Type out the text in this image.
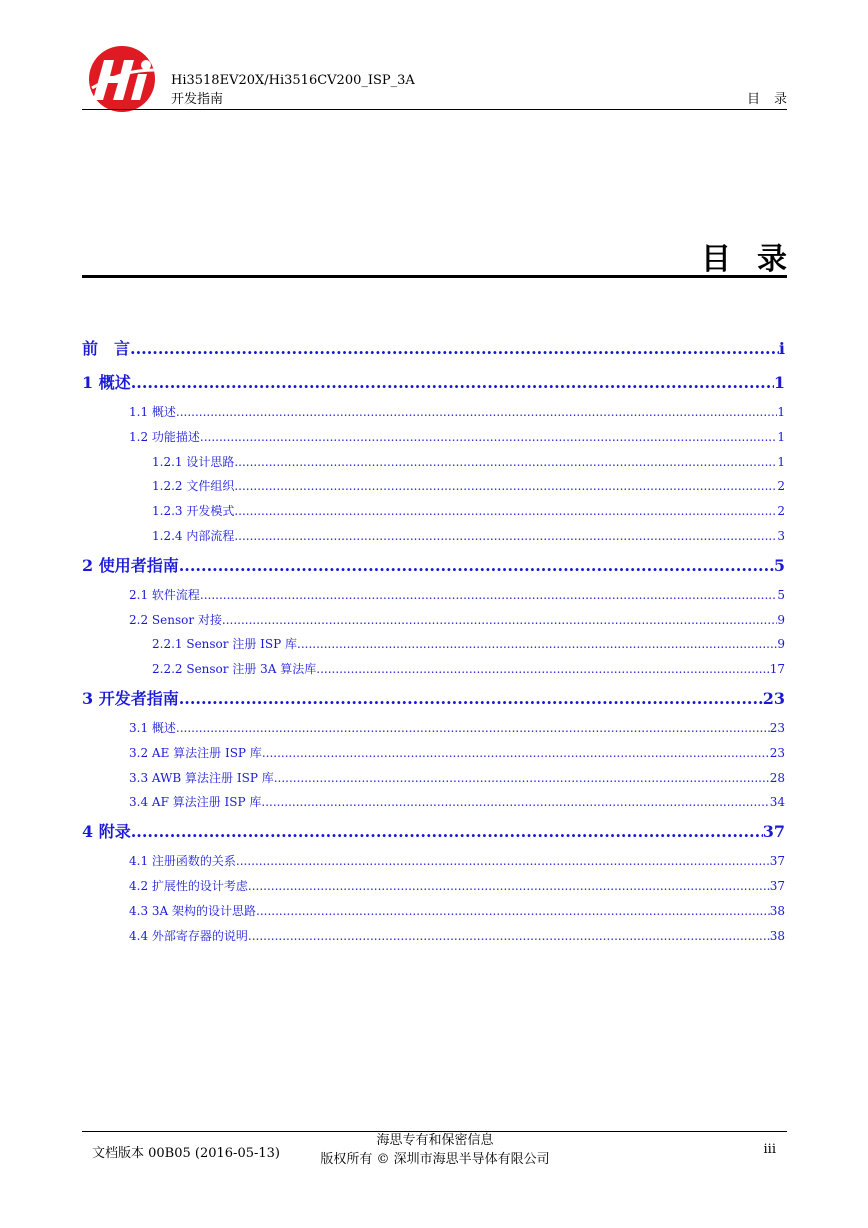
Hi3518EV20X/Hi3516CV200_ISP_3A
开发指南	目录
目录
前　言 .....	i
1 概述 .....	1
1.1 概述 .....	1
1.2 功能描述 .....	1
1.2.1 设计思路 .....	1
1.2.2 文件组织 .....	2
1.2.3 开发模式 .....	2
1.2.4 内部流程 .....	3
2 使用者指南 .....	5
2.1 软件流程 .....	5
2.2 Sensor 对接 .....	9
2.2.1 Sensor 注册 ISP 库 .....	9
2.2.2 Sensor 注册 3A 算法库 .....	17
3 开发者指南 .....	23
3.1 概述 .....	23
3.2 AE 算法注册 ISP 库 .....	23
3.3 AWB 算法注册 ISP 库 .....	28
3.4 AF 算法注册 ISP 库 .....	34
4 附录 .....	37
4.1 注册函数的关系 .....	37
4.2 扩展性的设计考虑 .....	37
4.3 3A 架构的设计思路 .....	38
4.4 外部寄存器的说明 .....	38
文档版本 00B05 (2016-05-13)
海思专有和保密信息
版权所有 © 深圳市海思半导体有限公司
iii
